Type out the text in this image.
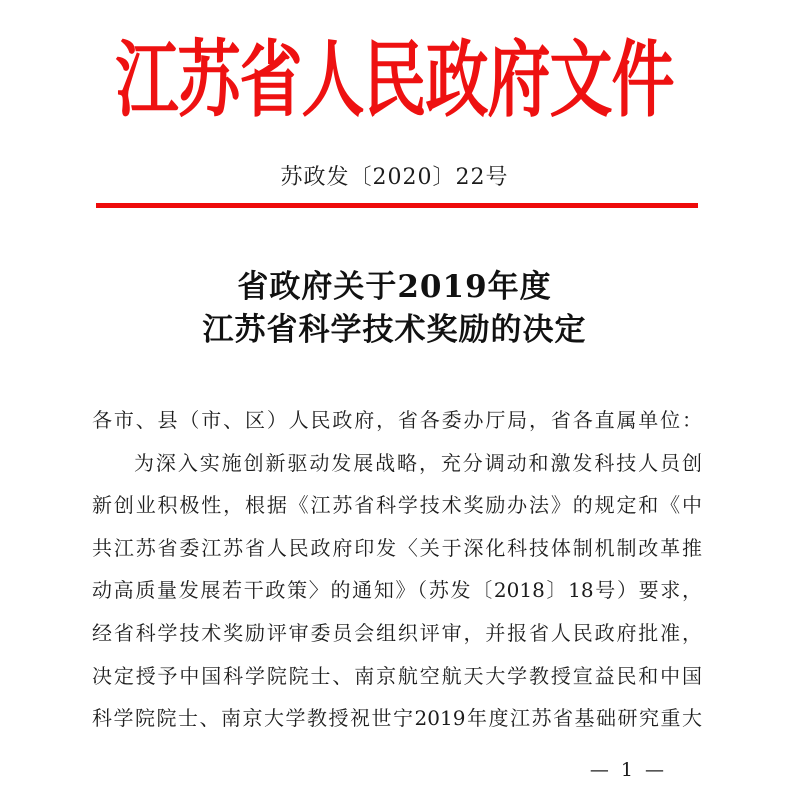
江苏省人民政府文件
苏政发〔2020〕22号
省政府关于2019年度
江苏省科学技术奖励的决定
各市、县（市、区）人民政府，省各委办厅局，省各直属单位：
为深入实施创新驱动发展战略，充分调动和激发科技人员创
新创业积极性，根据《江苏省科学技术奖励办法》的规定和《中
共江苏省委江苏省人民政府印发〈关于深化科技体制机制改革推
动高质量发展若干政策〉的通知》（苏发〔2018〕18号）要求，
经省科学技术奖励评审委员会组织评审，并报省人民政府批准，
决定授予中国科学院院士、南京航空航天大学教授宣益民和中国
科学院院士、南京大学教授祝世宁2019年度江苏省基础研究重大
— 1 —
